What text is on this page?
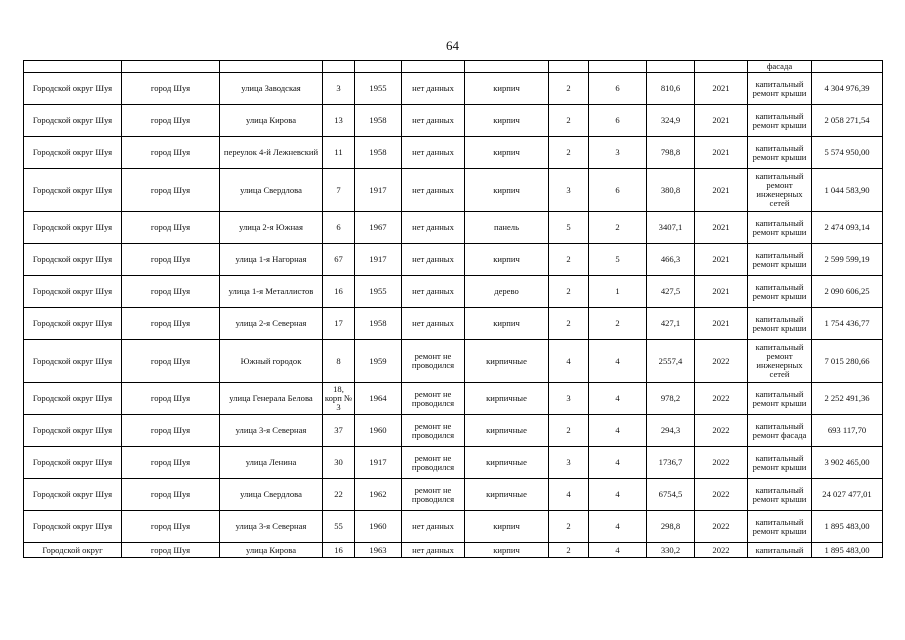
64
											фасада	
Городской округ Шуя	город Шуя	улица Заводская	3	1955	нет данных	кирпич	2	6	810,6	2021	капитальный ремонт крыши	4 304 976,39
Городской округ Шуя	город Шуя	улица Кирова	13	1958	нет данных	кирпич	2	6	324,9	2021	капитальный ремонт крыши	2 058 271,54
Городской округ Шуя	город Шуя	переулок 4-й Лежневский	11	1958	нет данных	кирпич	2	3	798,8	2021	капитальный ремонт крыши	5 574 950,00
Городской округ Шуя	город Шуя	улица Свердлова	7	1917	нет данных	кирпич	3	6	380,8	2021	капитальный ремонт инженерных сетей	1 044 583,90
Городской округ Шуя	город Шуя	улица 2-я Южная	6	1967	нет данных	панель	5	2	3407,1	2021	капитальный ремонт крыши	2 474 093,14
Городской округ Шуя	город Шуя	улица 1-я Нагорная	67	1917	нет данных	кирпич	2	5	466,3	2021	капитальный ремонт крыши	2 599 599,19
Городской округ Шуя	город Шуя	улица 1-я Металлистов	16	1955	нет данных	дерево	2	1	427,5	2021	капитальный ремонт крыши	2 090 606,25
Городской округ Шуя	город Шуя	улица 2-я Северная	17	1958	нет данных	кирпич	2	2	427,1	2021	капитальный ремонт крыши	1 754 436,77
Городской округ Шуя	город Шуя	Южный городок	8	1959	ремонт не проводился	кирпичные	4	4	2557,4	2022	капитальный ремонт инженерных сетей	7 015 280,66
Городской округ Шуя	город Шуя	улица Генерала Белова	18, корп № 3	1964	ремонт не проводился	кирпичные	3	4	978,2	2022	капитальный ремонт крыши	2 252 491,36
Городской округ Шуя	город Шуя	улица 3-я Северная	37	1960	ремонт не проводился	кирпичные	2	4	294,3	2022	капитальный ремонт фасада	693 117,70
Городской округ Шуя	город Шуя	улица Ленина	30	1917	ремонт не проводился	кирпичные	3	4	1736,7	2022	капитальный ремонт крыши	3 902 465,00
Городской округ Шуя	город Шуя	улица Свердлова	22	1962	ремонт не проводился	кирпичные	4	4	6754,5	2022	капитальный ремонт крыши	24 027 477,01
Городской округ Шуя	город Шуя	улица 3-я Северная	55	1960	нет данных	кирпич	2	4	298,8	2022	капитальный ремонт крыши	1 895 483,00
Городской округ	город Шуя	улица Кирова	16	1963	нет данных	кирпич	2	4	330,2	2022	капитальный	1 895 483,00
